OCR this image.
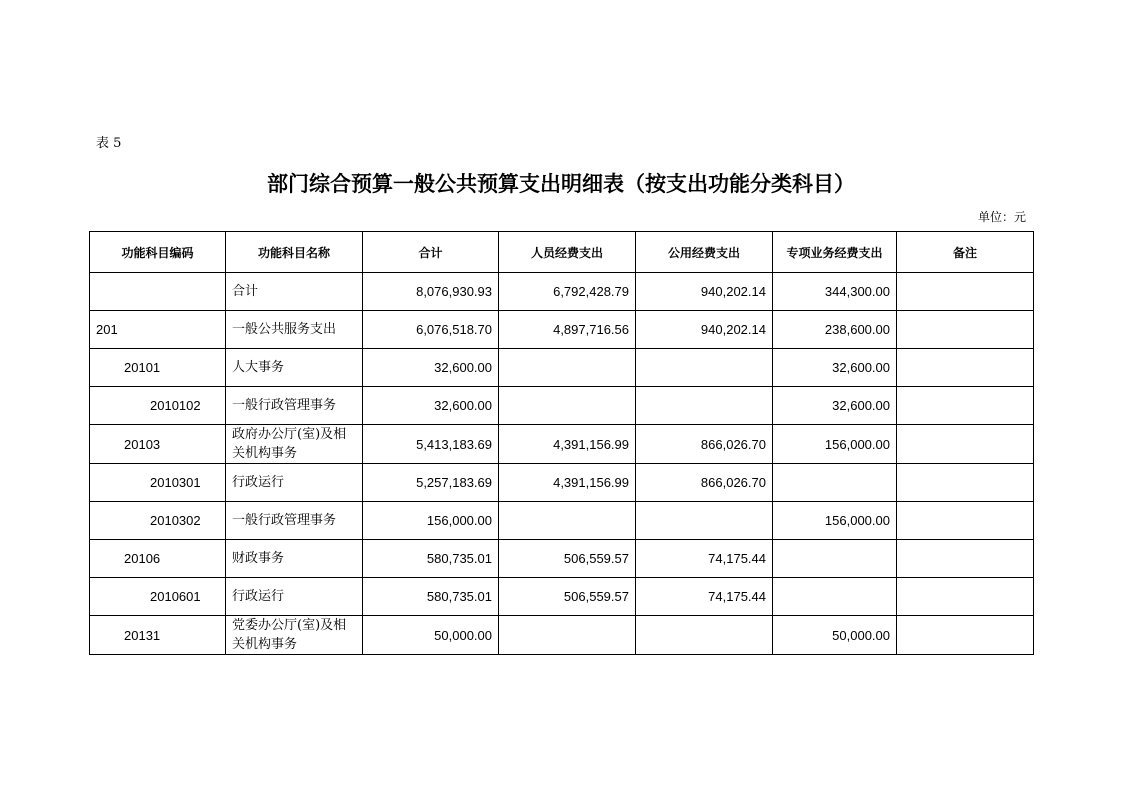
表 5
部门综合预算一般公共预算支出明细表（按支出功能分类科目）
单位：元
功能科目编码	功能科目名称	合计	人员经费支出	公用经费支出	专项业务经费支出	备注
	合计	8,076,930.93	6,792,428.79	940,202.14	344,300.00	
201	一般公共服务支出	6,076,518.70	4,897,716.56	940,202.14	238,600.00	
20101	人大事务	32,600.00			32,600.00	
2010102	一般行政管理事务	32,600.00			32,600.00	
20103	政府办公厅(室)及相关机构事务	5,413,183.69	4,391,156.99	866,026.70	156,000.00	
2010301	行政运行	5,257,183.69	4,391,156.99	866,026.70		
2010302	一般行政管理事务	156,000.00			156,000.00	
20106	财政事务	580,735.01	506,559.57	74,175.44		
2010601	行政运行	580,735.01	506,559.57	74,175.44		
20131	党委办公厅(室)及相关机构事务	50,000.00			50,000.00	
